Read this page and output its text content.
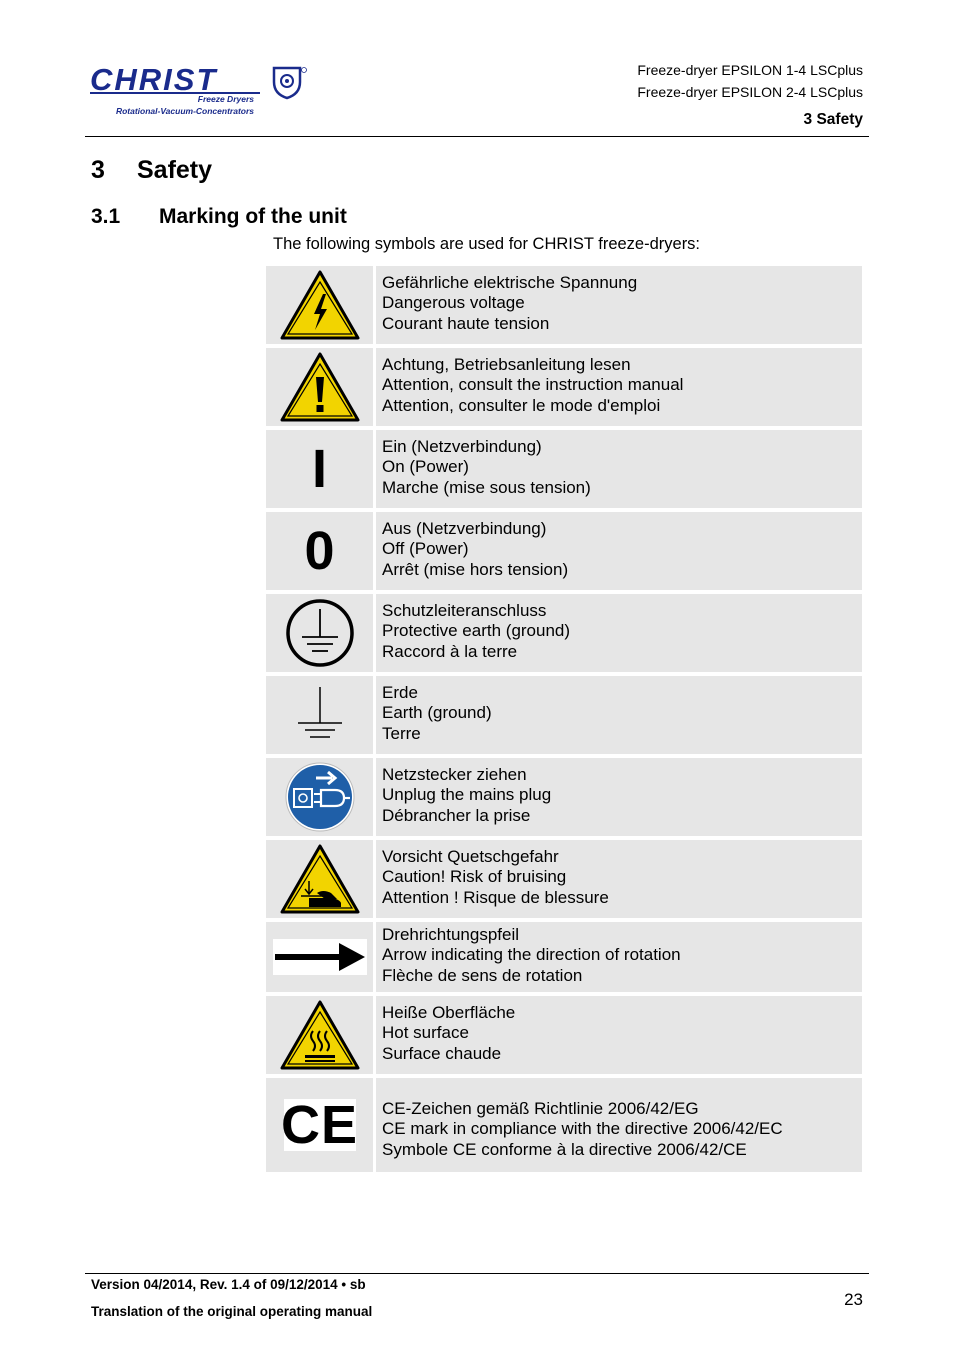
CHRIST
Freeze Dryers
Rotational-Vacuum-Concentrators
Freeze-dryer EPSILON 1-4 LSCplus
Freeze-dryer EPSILON 2-4 LSCplus
3 Safety
3 Safety
3.1 Marking of the unit
The following symbols are used for CHRIST freeze-dryers:
Gefährliche elektrische Spannung
Dangerous voltage
Courant haute tension
Achtung, Betriebsanleitung lesen
Attention, consult the instruction manual
Attention, consulter le mode d'emploi
I	Ein (Netzverbindung)
On (Power)
Marche (mise sous tension)
0	Aus (Netzverbindung)
Off (Power)
Arrêt (mise hors tension)
Schutzleiteranschluss
Protective earth (ground)
Raccord à la terre
Erde
Earth (ground)
Terre
Netzstecker ziehen
Unplug the mains plug
Débrancher la prise
Vorsicht Quetschgefahr
Caution! Risk of bruising
Attention ! Risque de blessure
Drehrichtungspfeil
Arrow indicating the direction of rotation
Flèche de sens de rotation
Heiße Oberfläche
Hot surface
Surface chaude
CE CE-Zeichen gemäß Richtlinie 2006/42/EG
CE mark in compliance with the directive 2006/42/EC
Symbole CE conforme à la directive 2006/42/CE
Version 04/2014, Rev. 1.4 of 09/12/2014 • sb
Translation of the original operating manual
23
